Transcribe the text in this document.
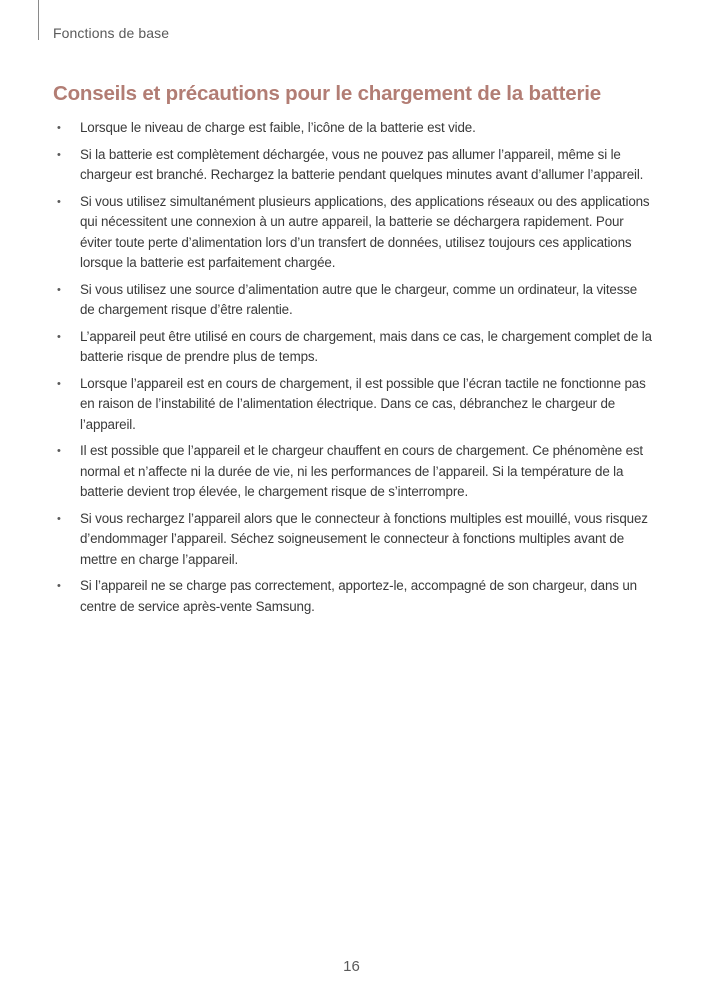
Fonctions de base
Conseils et précautions pour le chargement de la batterie
• Lorsque le niveau de charge est faible, l’icône de la batterie est vide.
• Si la batterie est complètement déchargée, vous ne pouvez pas allumer l’appareil, même si le chargeur est branché. Rechargez la batterie pendant quelques minutes avant d’allumer l’appareil.
• Si vous utilisez simultanément plusieurs applications, des applications réseaux ou des applications qui nécessitent une connexion à un autre appareil, la batterie se déchargera rapidement. Pour éviter toute perte d’alimentation lors d’un transfert de données, utilisez toujours ces applications lorsque la batterie est parfaitement chargée.
• Si vous utilisez une source d’alimentation autre que le chargeur, comme un ordinateur, la vitesse de chargement risque d’être ralentie.
• L’appareil peut être utilisé en cours de chargement, mais dans ce cas, le chargement complet de la batterie risque de prendre plus de temps.
• Lorsque l’appareil est en cours de chargement, il est possible que l’écran tactile ne fonctionne pas en raison de l’instabilité de l’alimentation électrique. Dans ce cas, débranchez le chargeur de l’appareil.
• Il est possible que l’appareil et le chargeur chauffent en cours de chargement. Ce phénomène est normal et n’affecte ni la durée de vie, ni les performances de l’appareil. Si la température de la batterie devient trop élevée, le chargement risque de s’interrompre.
• Si vous rechargez l’appareil alors que le connecteur à fonctions multiples est mouillé, vous risquez d’endommager l’appareil. Séchez soigneusement le connecteur à fonctions multiples avant de mettre en charge l’appareil.
• Si l’appareil ne se charge pas correctement, apportez-le, accompagné de son chargeur, dans un centre de service après-vente Samsung.
16
